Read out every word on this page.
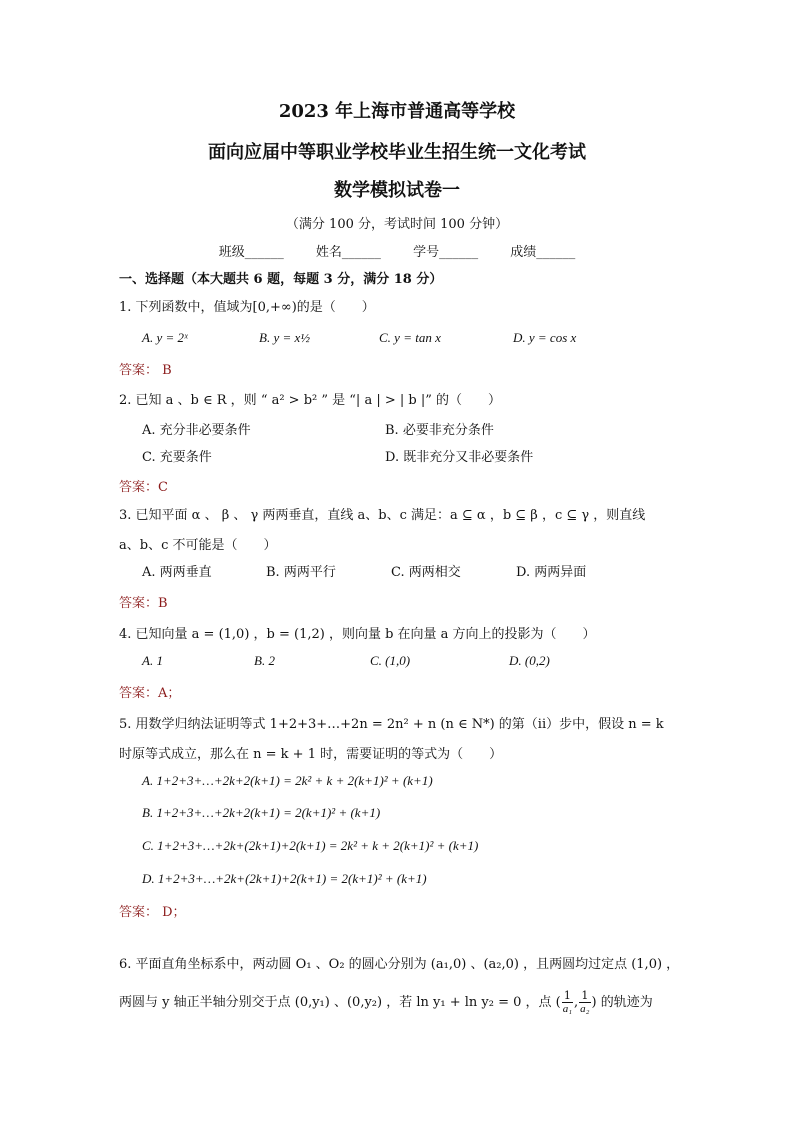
2023 年上海市普通高等学校
面向应届中等职业学校毕业生招生统一文化考试
数学模拟试卷一
（满分 100 分，考试时间 100 分钟）
班级______ 姓名______ 学号______ 成绩______
一、选择题（本大题共 6 题，每题 3 分，满分 18 分）
1. 下列函数中，值域为[0,+∞)的是（　　）
A. y = 2ˣ	B. y = x½	C. y = tan x	D. y = cos x
答案： B
2. 已知 a 、b ∈ R ，则 “ a² > b² ” 是 “| a | > | b |” 的（　　）
A. 充分非必要条件	B. 必要非充分条件
C. 充要条件	D. 既非充分又非必要条件
答案：C
3. 已知平面 α 、 β 、 γ 两两垂直，直线 a、b、c 满足：a ⊆ α ，b ⊆ β ，c ⊆ γ ，则直线
a、b、c 不可能是（　　）
A. 两两垂直	B. 两两平行	C. 两两相交	D. 两两异面
答案：B
4. 已知向量 a = (1,0) ，b = (1,2) ，则向量 b 在向量 a 方向上的投影为（　　）
A. 1	B. 2	C. (1,0)	D. (0,2)
答案：A；
5. 用数学归纳法证明等式 1+2+3+…+2n = 2n² + n (n ∈ N*) 的第（ii）步中，假设 n = k
时原等式成立，那么在 n = k + 1 时，需要证明的等式为（　　）
A. 1+2+3+…+2k+2(k+1) = 2k² + k + 2(k+1)² + (k+1)
B. 1+2+3+…+2k+2(k+1) = 2(k+1)² + (k+1)
C. 1+2+3+…+2k+(2k+1)+2(k+1) = 2k² + k + 2(k+1)² + (k+1)
D. 1+2+3+…+2k+(2k+1)+2(k+1) = 2(k+1)² + (k+1)
答案： D；
6. 平面直角坐标系中，两动圆 O₁ 、O₂ 的圆心分别为 (a₁,0) 、(a₂,0) ，且两圆均过定点 (1,0) ，
两圆与 y 轴正半轴分别交于点 (0,y₁) 、(0,y₂) ，若 ln y₁ + ln y₂ = 0 ，点 ( $\frac{1}{\text{a₁}}$ , $\frac{1}{\text{a₂}}$ ) 的轨迹为
